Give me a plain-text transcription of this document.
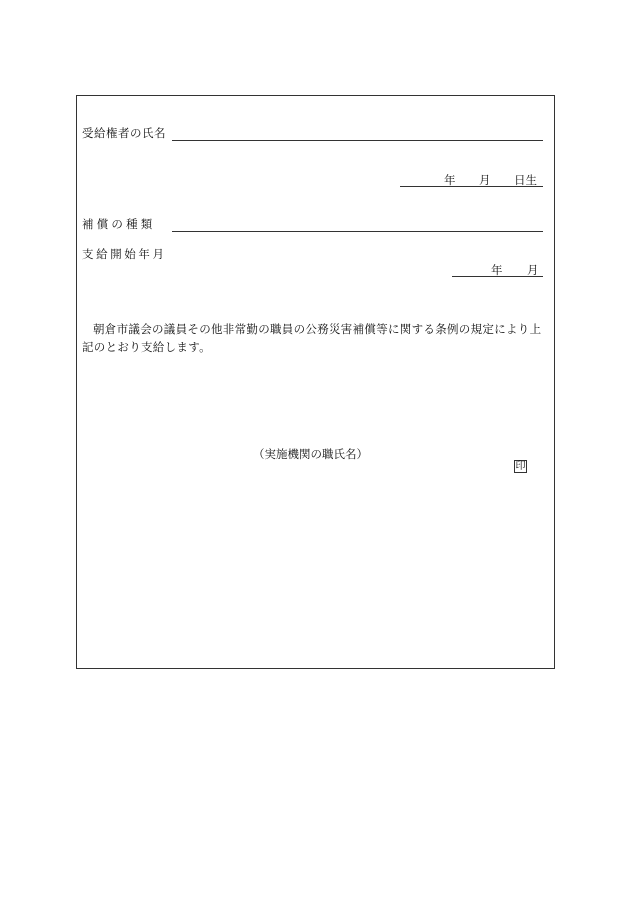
受給権者の氏名
年 月 日生
補償の種類
支給開始年月
年 月
朝倉市議会の議員その他非常勤の職員の公務災害補償等に関する条例の規定により上記のとおり支給します。
（実施機関の職氏名）
印
